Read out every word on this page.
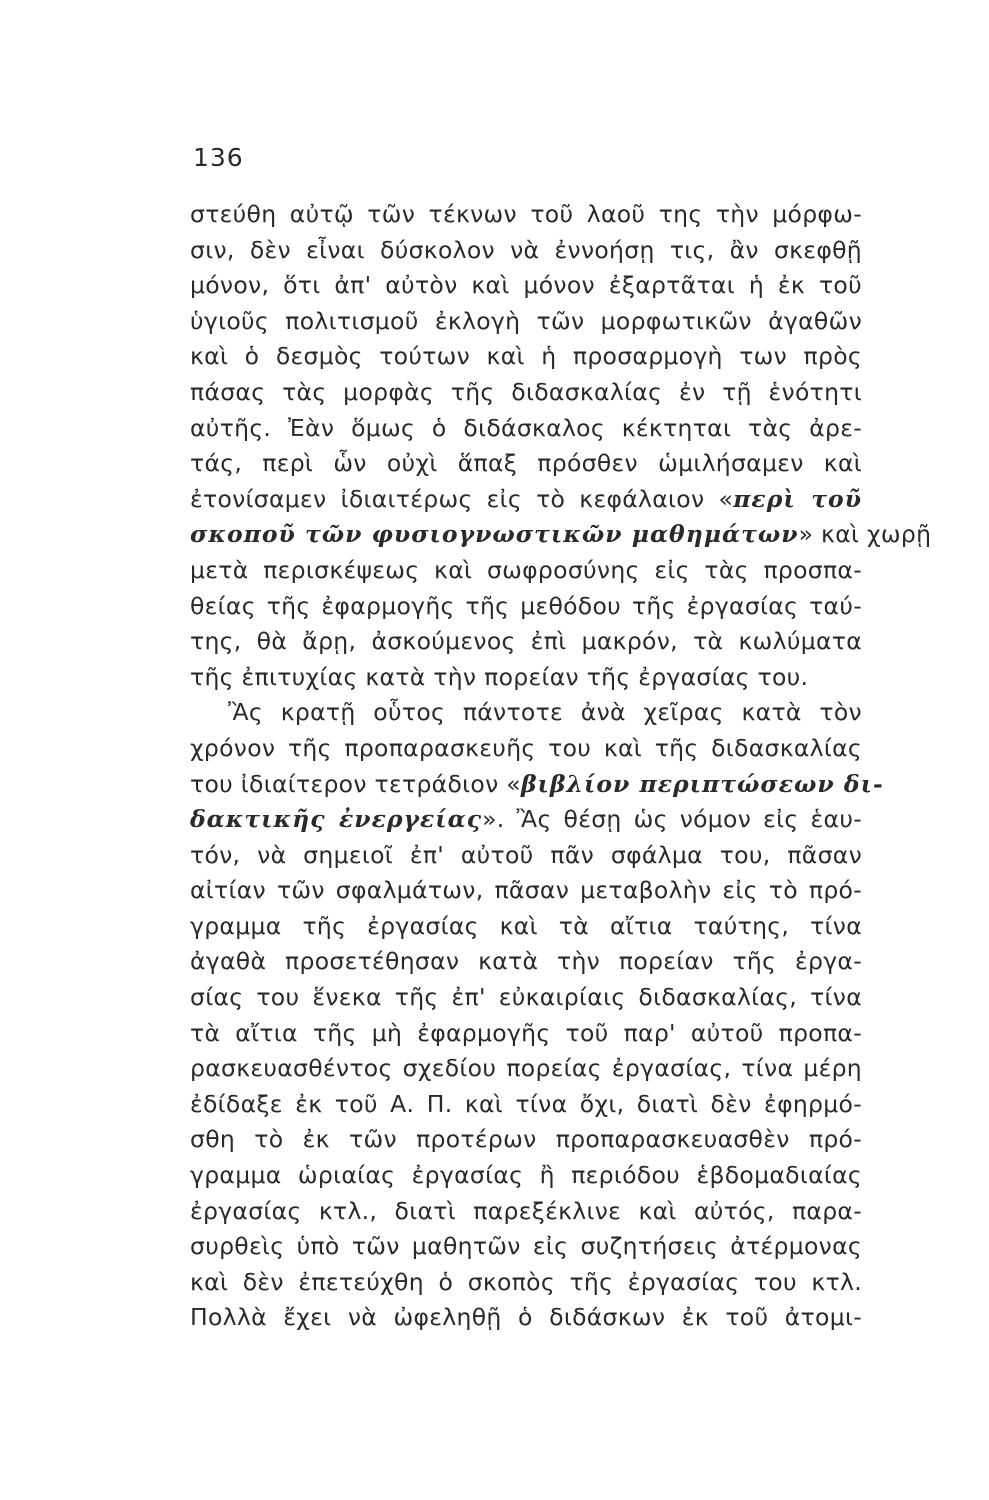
136
στεύθη αὐτῷ τῶν τέκνων τοῦ λαοῦ της τὴν μόρφω-
σιν, δὲν εἶναι δύσκολον νὰ ἐννοήσῃ τις, ἂν σκεφθῇ
μόνον, ὅτι ἀπ' αὐτὸν καὶ μόνον ἐξαρτᾶται ἡ ἐκ τοῦ
ὑγιοῦς πολιτισμοῦ ἐκλογὴ τῶν μορφωτικῶν ἀγαθῶν
καὶ ὁ δεσμὸς τούτων καὶ ἡ προσαρμογὴ των πρὸς
πάσας τὰς μορφὰς τῆς διδασκαλίας ἐν τῇ ἑνότητι
αὐτῆς. Ἐὰν ὅμως ὁ διδάσκαλος κέκτηται τὰς ἀρε-
τάς, περὶ ὧν οὐχὶ ἅπαξ πρόσθεν ὡμιλήσαμεν καὶ
ἐτονίσαμεν ἰδιαιτέρως εἰς τὸ κεφάλαιον «περὶ τοῦ
σκοποῦ τῶν φυσιογνωστικῶν μαθημάτων» καὶ χωρῇ
μετὰ περισκέψεως καὶ σωφροσύνης εἰς τὰς προσπα-
θείας τῆς ἐφαρμογῆς τῆς μεθόδου τῆς ἐργασίας ταύ-
της, θὰ ἄρῃ, ἀσκούμενος ἐπὶ μακρόν, τὰ κωλύματα
τῆς ἐπιτυχίας κατὰ τὴν πορείαν τῆς ἐργασίας του.
Ἂς κρατῇ οὗτος πάντοτε ἀνὰ χεῖρας κατὰ τὸν
χρόνον τῆς προπαρασκευῆς του καὶ τῆς διδασκαλίας
του ἰδιαίτερον τετράδιον «βιβλίον περιπτώσεων δι-
δακτικῆς ἐνεργείας». Ἂς θέσῃ ὡς νόμον εἰς ἑαυ-
τόν, νὰ σημειοῖ ἐπ' αὐτοῦ πᾶν σφάλμα του, πᾶσαν
αἰτίαν τῶν σφαλμάτων, πᾶσαν μεταβολὴν εἰς τὸ πρό-
γραμμα τῆς ἐργασίας καὶ τὰ αἴτια ταύτης, τίνα
ἀγαθὰ προσετέθησαν κατὰ τὴν πορείαν τῆς ἐργα-
σίας του ἕνεκα τῆς ἐπ' εὐκαιρίαις διδασκαλίας, τίνα
τὰ αἴτια τῆς μὴ ἐφαρμογῆς τοῦ παρ' αὐτοῦ προπα-
ρασκευασθέντος σχεδίου πορείας ἐργασίας, τίνα μέρη
ἐδίδαξε ἐκ τοῦ Α. Π. καὶ τίνα ὄχι, διατὶ δὲν ἐφηρμό-
σθη τὸ ἐκ τῶν προτέρων προπαρασκευασθὲν πρό-
γραμμα ὡριαίας ἐργασίας ἢ περιόδου ἑβδομαδιαίας
ἐργασίας κτλ., διατὶ παρεξέκλινε καὶ αὐτός, παρα-
συρθεὶς ὑπὸ τῶν μαθητῶν εἰς συζητήσεις ἀτέρμονας
καὶ δὲν ἐπετεύχθη ὁ σκοπὸς τῆς ἐργασίας του κτλ.
Πολλὰ ἔχει νὰ ὠφεληθῇ ὁ διδάσκων ἐκ τοῦ ἀτομι-
